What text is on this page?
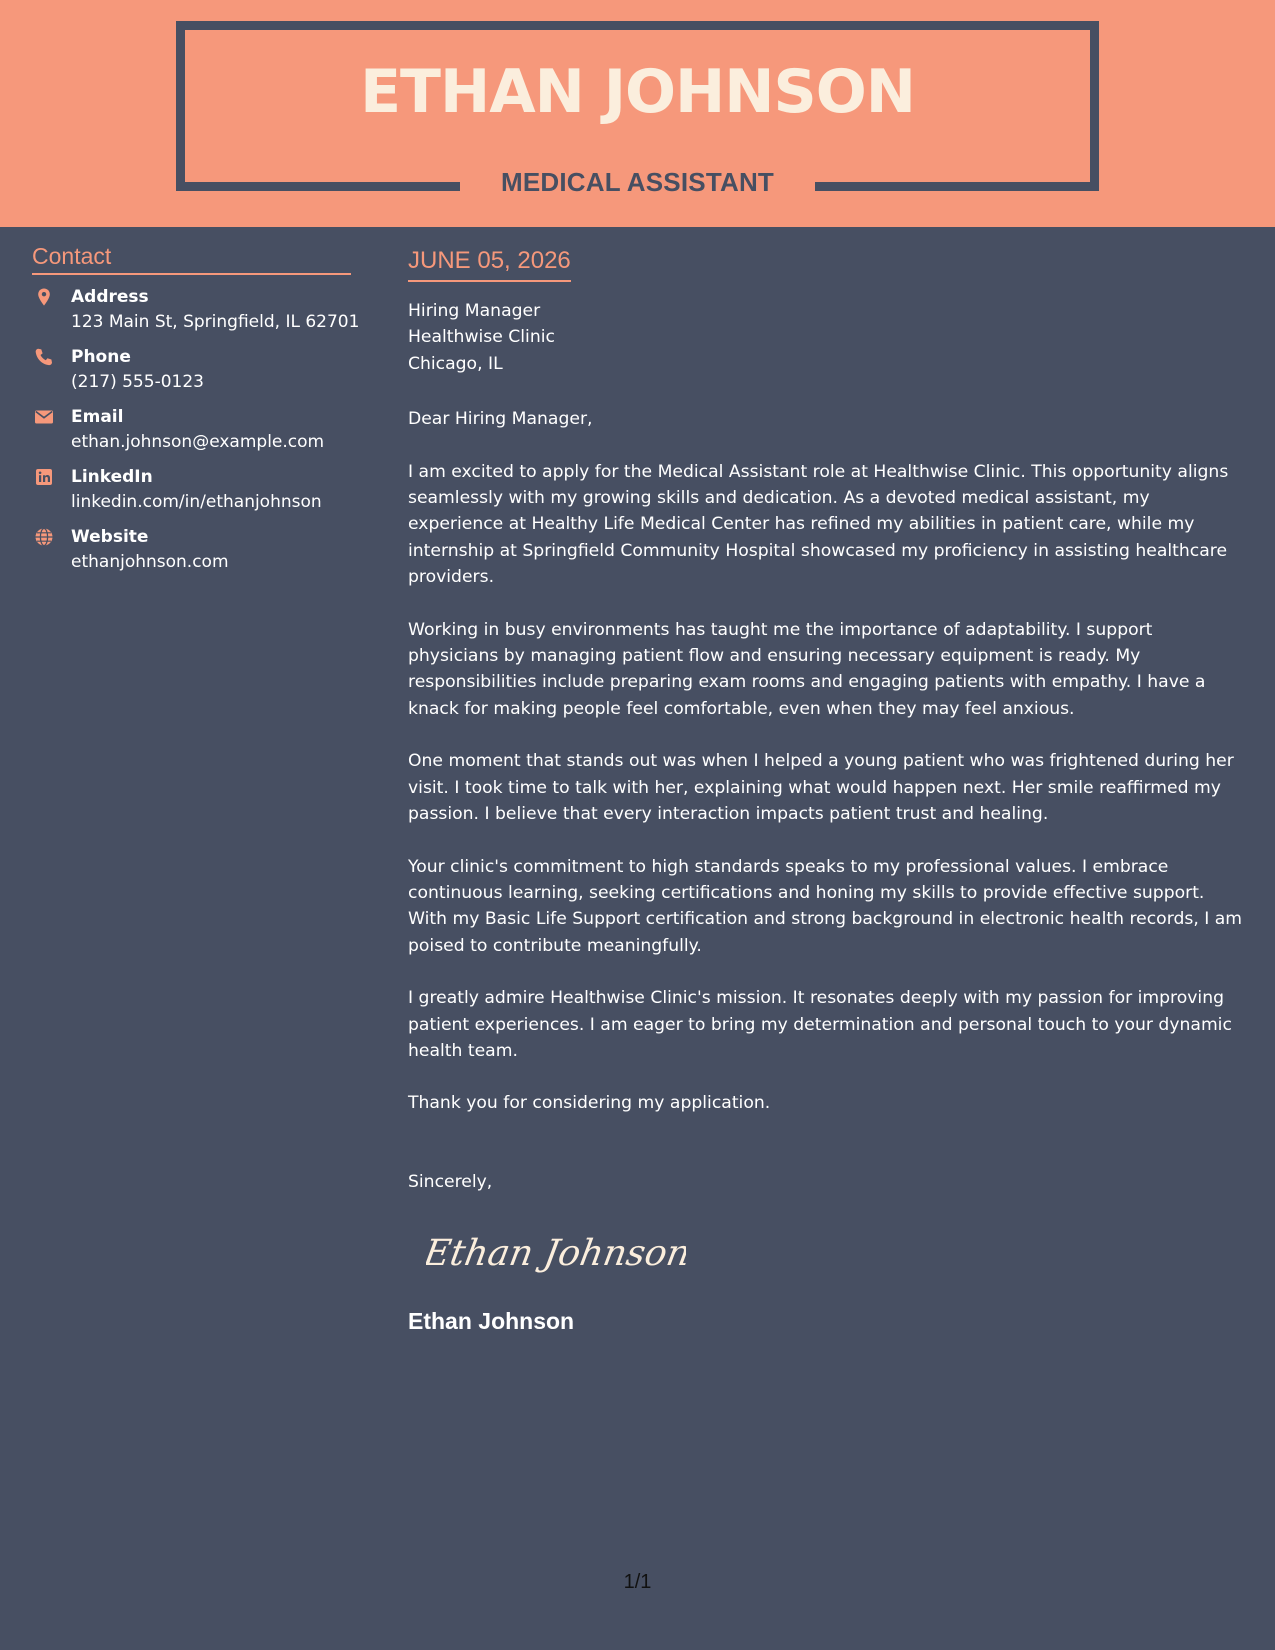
ETHAN JOHNSON
MEDICAL ASSISTANT
Contact
Address
123 Main St, Springfield, IL 62701
Phone
(217) 555-0123
Email
ethan.johnson@example.com
LinkedIn
linkedin.com/in/ethanjohnson
Website
ethanjohnson.com
JUNE 05, 2026
Hiring Manager
Healthwise Clinic
Chicago, IL
Dear Hiring Manager,
I am excited to apply for the Medical Assistant role at Healthwise Clinic. This opportunity aligns seamlessly with my growing skills and dedication. As a devoted medical assistant, my experience at Healthy Life Medical Center has refined my abilities in patient care, while my internship at Springfield Community Hospital showcased my proficiency in assisting healthcare providers.
Working in busy environments has taught me the importance of adaptability. I support physicians by managing patient flow and ensuring necessary equipment is ready. My responsibilities include preparing exam rooms and engaging patients with empathy. I have a knack for making people feel comfortable, even when they may feel anxious.
One moment that stands out was when I helped a young patient who was frightened during her visit. I took time to talk with her, explaining what would happen next. Her smile reaffirmed my passion. I believe that every interaction impacts patient trust and healing.
Your clinic's commitment to high standards speaks to my professional values. I embrace continuous learning, seeking certifications and honing my skills to provide effective support. With my Basic Life Support certification and strong background in electronic health records, I am poised to contribute meaningfully.
I greatly admire Healthwise Clinic's mission. It resonates deeply with my passion for improving patient experiences. I am eager to bring my determination and personal touch to your dynamic health team.
Thank you for considering my application.
Sincerely,
Ethan Johnson
Ethan Johnson
1/1
